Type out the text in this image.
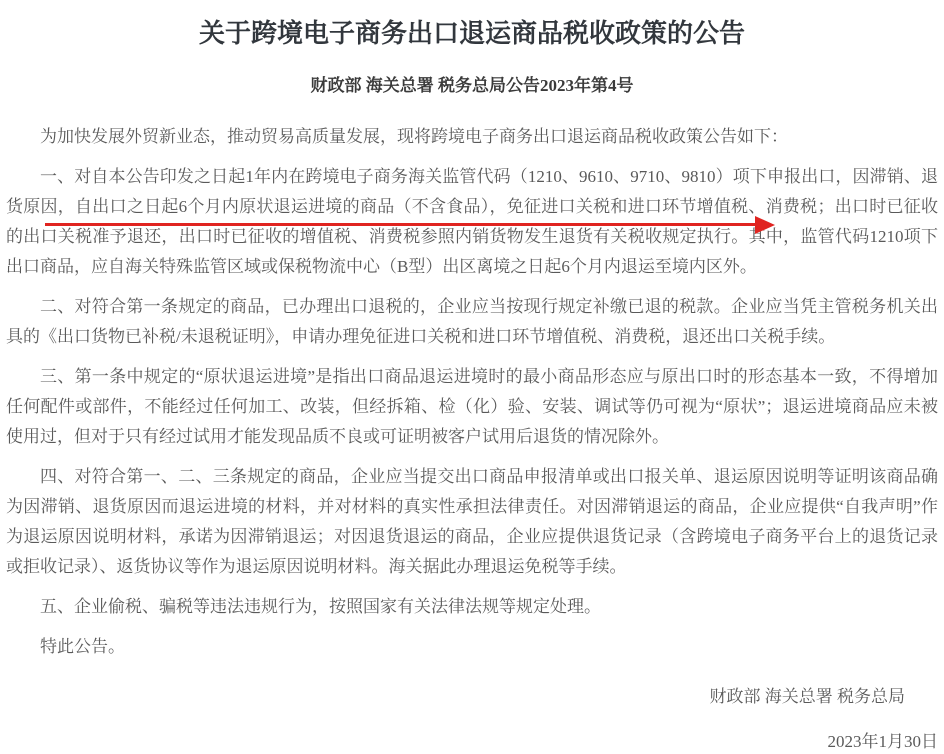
关于跨境电子商务出口退运商品税收政策的公告
财政部 海关总署 税务总局公告2023年第4号

为加快发展外贸新业态，推动贸易高质量发展，现将跨境电子商务出口退运商品税收政策公告如下：

一、对自本公告印发之日起1年内在跨境电子商务海关监管代码（1210、9610、9710、9810）项下申报出口，因滞销、退货原因，自出口之日起6个月内原状退运进境的商品（不含食品），免征进口关税和进口环节增值税、消费税；出口时已征收的出口关税准予退还，出口时已征收的增值税、消费税参照内销货物发生退货有关税收规定执行。其中，监管代码1210项下出口商品，应自海关特殊监管区域或保税物流中心（B型）出区离境之日起6个月内退运至境内区外。

二、对符合第一条规定的商品，已办理出口退税的，企业应当按现行规定补缴已退的税款。企业应当凭主管税务机关出具的《出口货物已补税/未退税证明》，申请办理免征进口关税和进口环节增值税、消费税，退还出口关税手续。

三、第一条中规定的“原状退运进境”是指出口商品退运进境时的最小商品形态应与原出口时的形态基本一致，不得增加任何配件或部件，不能经过任何加工、改装，但经拆箱、检（化）验、安装、调试等仍可视为“原状”；退运进境商品应未被使用过，但对于只有经过试用才能发现品质不良或可证明被客户试用后退货的情况除外。

四、对符合第一、二、三条规定的商品，企业应当提交出口商品申报清单或出口报关单、退运原因说明等证明该商品确为因滞销、退货原因而退运进境的材料，并对材料的真实性承担法律责任。对因滞销退运的商品，企业应提供“自我声明”作为退运原因说明材料，承诺为因滞销退运；对因退货退运的商品，企业应提供退货记录（含跨境电子商务平台上的退货记录或拒收记录）、返货协议等作为退运原因说明材料。海关据此办理退运免税等手续。

五、企业偷税、骗税等违法违规行为，按照国家有关法律法规等规定处理。

特此公告。
财政部 海关总署 税务总局
2023年1月30日
